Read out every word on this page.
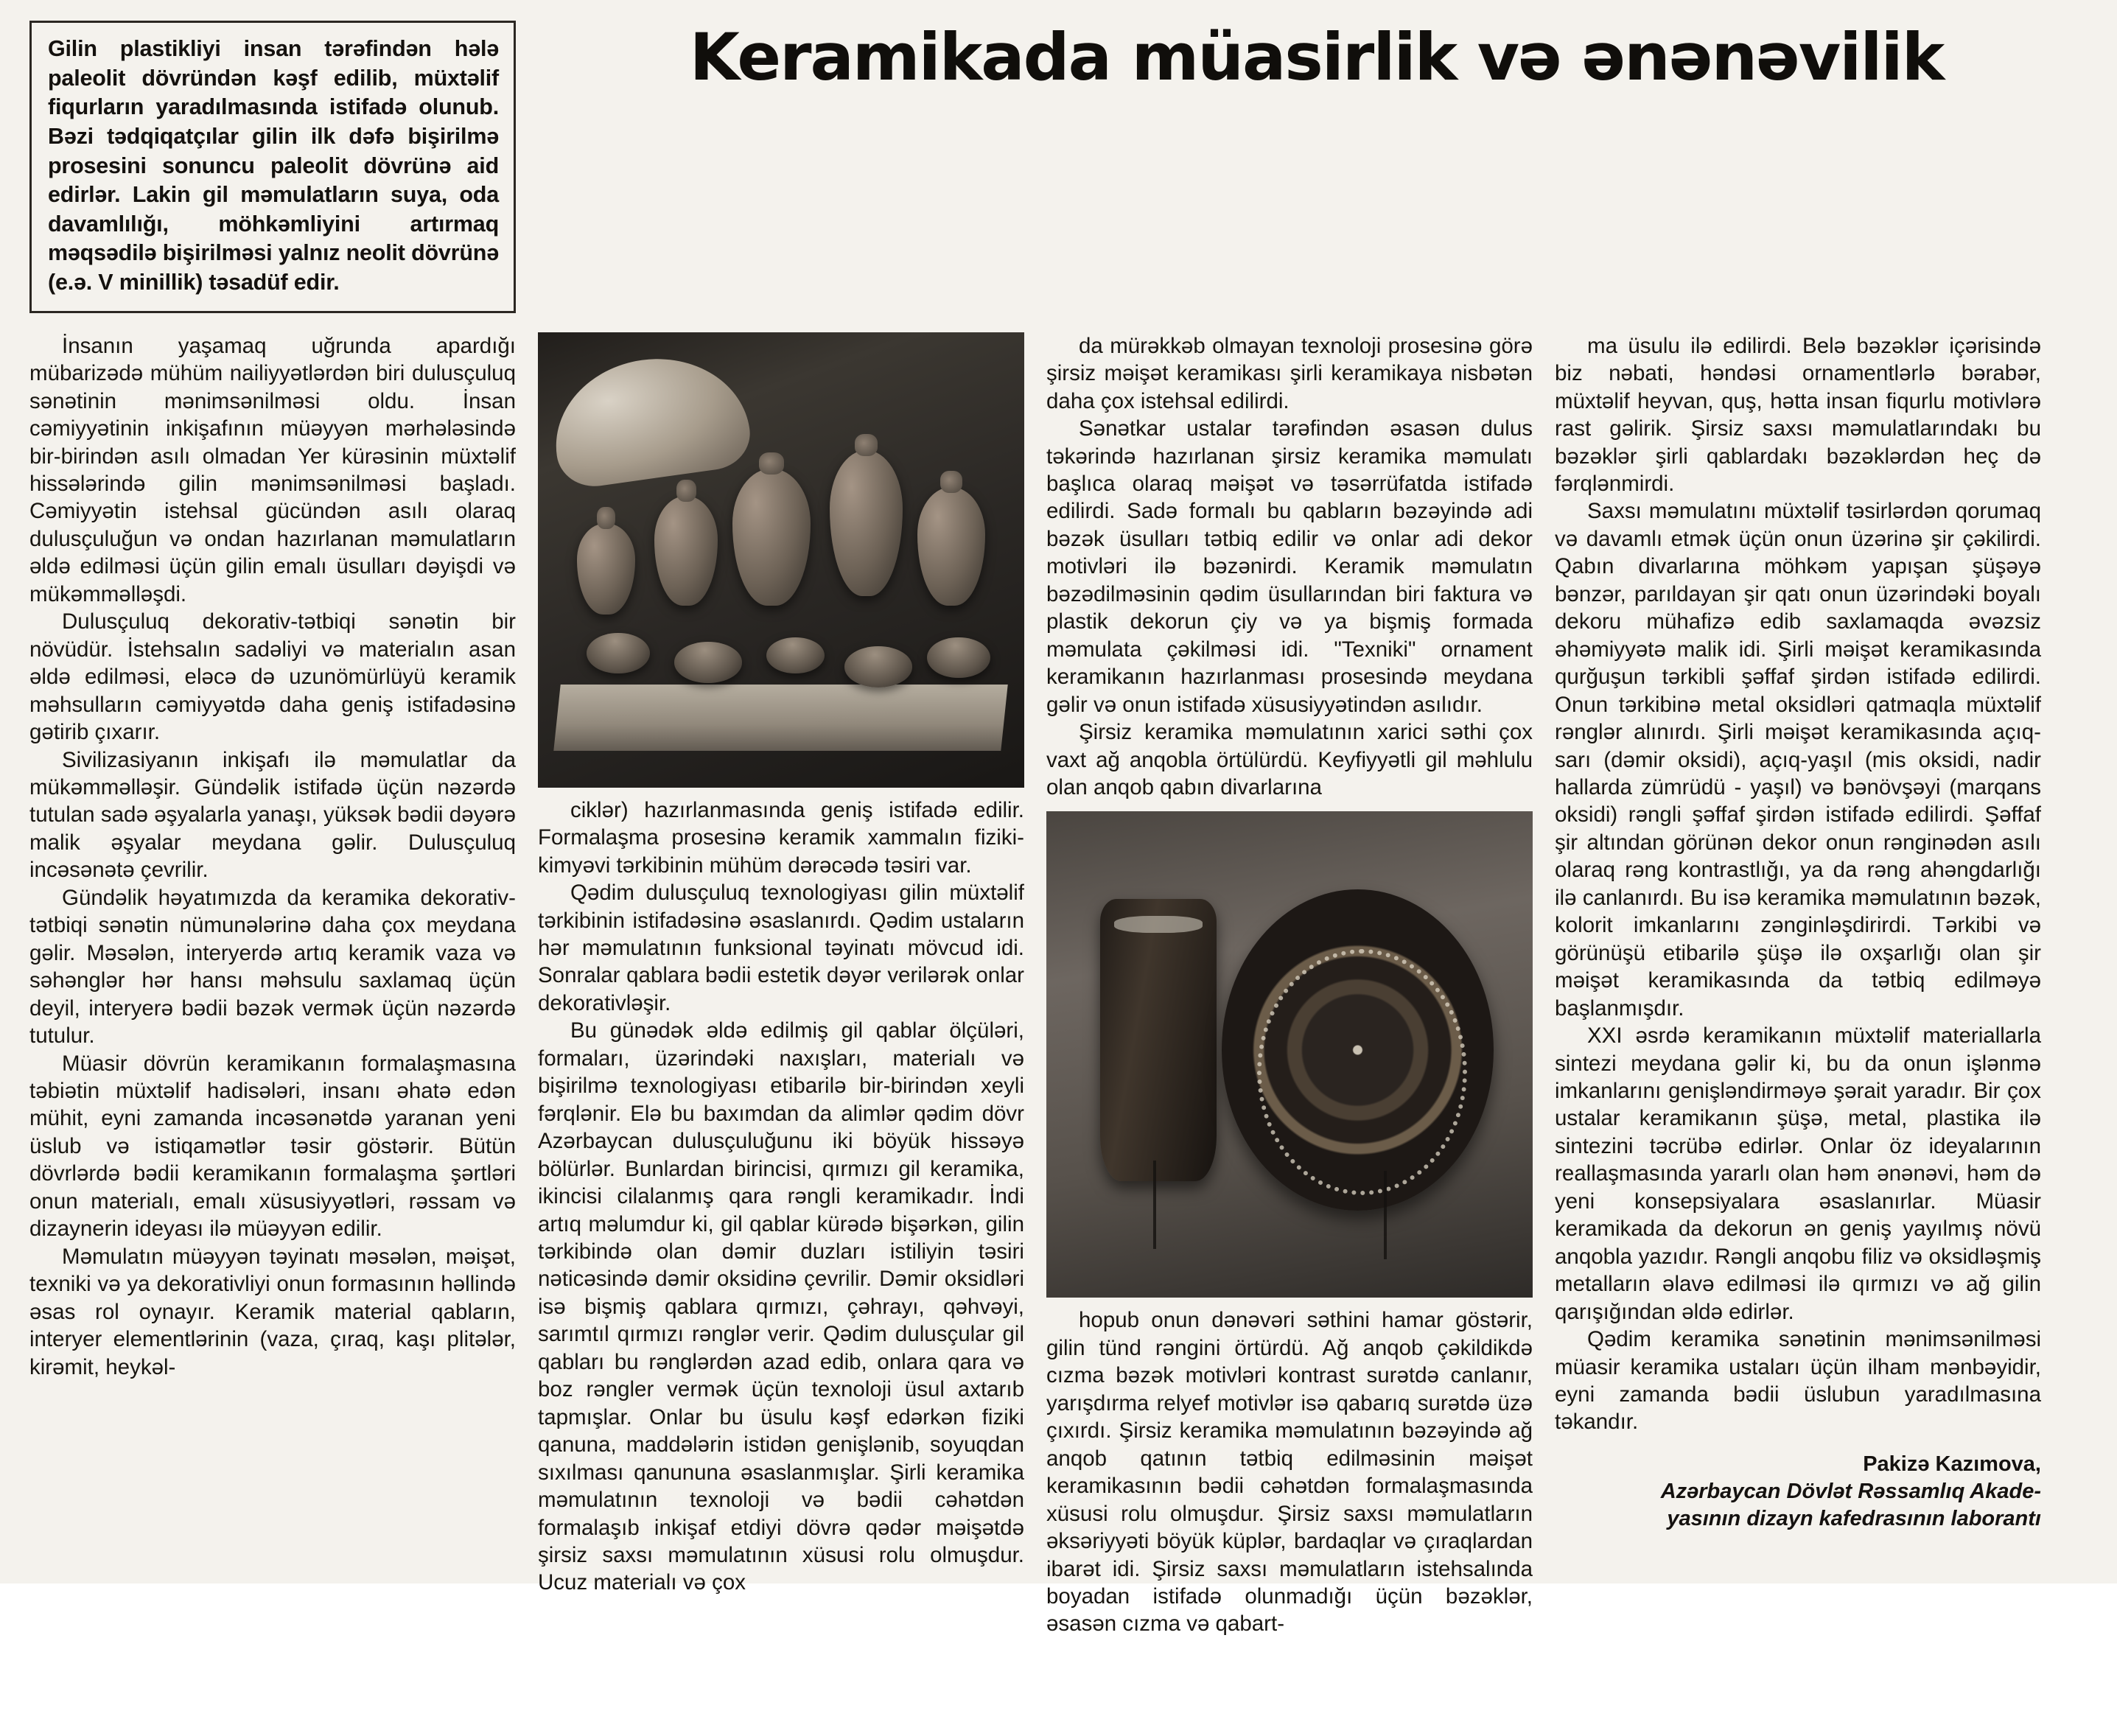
Gilin plastikliyi insan tərəfindən hələ paleolit dövründən kəşf edilib, müxtəlif fiqurların yaradılmasında istifadə olunub. Bəzi tədqiqatçılar gilin ilk dəfə bişirilmə prosesini sonuncu paleolit dövrünə aid edirlər. Lakin gil məmulatların suya, oda davamlılığı, möhkəmliyini artırmaq məqsədilə bişirilməsi yalnız neolit dövrünə (e.ə. V minillik) təsadüf edir.

Keramikada müasirlik və ənənəvilik

İnsanın yaşamaq uğrunda apardığı mübarizədə mühüm nailiyyətlərdən biri dulusçuluq sənətinin mənimsənilməsi oldu. İnsan cəmiyyətinin inkişafının müəyyən mərhələsində bir-birindən asılı olmadan Yer kürəsinin müxtəlif hissələrində gilin mənimsənilməsi başladı. Cəmiyyətin istehsal gücündən asılı olaraq dulusçuluğun və ondan hazırlanan məmulatların əldə edilməsi üçün gilin emalı üsulları dəyişdi və mükəmməlləşdi.

Dulusçuluq dekorativ-tətbiqi sənətin bir növüdür. İstehsalın sadəliyi və materialın asan əldə edilməsi, eləcə də uzunömürlüyü keramik məhsulların cəmiyyətdə daha geniş istifadəsinə gətirib çıxarır.

Sivilizasiyanın inkişafı ilə məmulatlar da mükəmməlləşir. Gündəlik istifadə üçün nəzərdə tutulan sadə əşyalarla yanaşı, yüksək bədii dəyərə malik əşyalar meydana gəlir. Dulusçuluq incəsənətə çevrilir.

Gündəlik həyatımızda da keramika dekorativ-tətbiqi sənətin nümunələrinə daha çox meydana gəlir. Məsələn, interyerdə artıq keramik vaza və səhənglər hər hansı məhsulu saxlamaq üçün deyil, interyerə bədii bəzək vermək üçün nəzərdə tutulur.

Müasir dövrün keramikanın formalaşmasına təbiətin müxtəlif hadisələri, insanı əhatə edən mühit, eyni zamanda incəsənətdə yaranan yeni üslub və istiqamətlər təsir göstərir. Bütün dövrlərdə bədii keramikanın formalaşma şərtləri onun materialı, emalı xüsusiyyətləri, rəssam və dizaynerin ideyası ilə müəyyən edilir.

Məmulatın müəyyən təyinatı məsələn, məişət, texniki və ya dekorativliyi onun formasının həllində əsas rol oynayır. Keramik material qabların, interyer elementlərinin (vaza, çıraq, kaşı plitələr, kirəmit, heykəl-

ciklər) hazırlanmasında geniş istifadə edilir. Formalaşma prosesinə keramik xammalın fiziki-kimyəvi tərkibinin mühüm dərəcədə təsiri var.

Qədim dulusçuluq texnologiyası gilin müxtəlif tərkibinin istifadəsinə əsaslanırdı. Qədim ustaların hər məmulatının funksional təyinatı mövcud idi. Sonralar qablara bədii estetik dəyər verilərək onlar dekorativləşir.

Bu günədək əldə edilmiş gil qablar ölçüləri, formaları, üzərindəki naxışları, materialı və bişirilmə texnologiyası etibarilə bir-birindən xeyli fərqlənir. Elə bu baxımdan da alimlər qədim dövr Azərbaycan dulusçuluğunu iki böyük hissəyə bölürlər. Bunlardan birincisi, qırmızı gil keramika, ikincisi cilalanmış qara rəngli keramikadır. İndi artıq məlumdur ki, gil qablar kürədə bişərkən, gilin tərkibində olan dəmir duzları istiliyin təsiri nəticəsində dəmir oksidinə çevrilir. Dəmir oksidləri isə bişmiş qablara qırmızı, çəhrayı, qəhvəyi, sarımtıl qırmızı rənglər verir. Qədim dulusçular gil qabları bu rənglərdən azad edib, onlara qara və boz rəngler vermək üçün texnoloji üsul axtarıb tapmışlar. Onlar bu üsulu kəşf edərkən fiziki qanuna, maddələrin istidən genişlənib, soyuqdan sıxılması qanununa əsaslanmışlar. Şirli keramika məmulatının texnoloji və bədii cəhətdən formalaşıb inkişaf etdiyi dövrə qədər məişətdə şirsiz saxsı məmulatının xüsusi rolu olmuşdur. Ucuz materialı və çox

da mürəkkəb olmayan texnoloji prosesinə görə şirsiz məişət keramikası şirli keramikaya nisbətən daha çox istehsal edilirdi.

Sənətkar ustalar tərəfindən əsasən dulus təkərində hazırlanan şirsiz keramika məmulatı başlıca olaraq məişət və təsərrüfatda istifadə edilirdi. Sadə formalı bu qabların bəzəyində adi bəzək üsulları tətbiq edilir və onlar adi dekor motivləri ilə bəzənirdi. Keramik məmulatın bəzədilməsinin qədim üsullarından biri faktura və plastik dekorun çiy və ya bişmiş formada məmulata çəkilməsi idi. "Texniki" ornament keramikanın hazırlanması prosesində meydana gəlir və onun istifadə xüsusiyyətindən asılıdır.

Şirsiz keramika məmulatının xarici səthi çox vaxt ağ anqobla örtülürdü. Keyfiyyətli gil məhlulu olan anqob qabın divarlarına

hopub onun dənəvəri səthini hamar göstərir, gilin tünd rəngini örtürdü. Ağ anqob çəkildikdə cızma bəzək motivləri kontrast surətdə canlanır, yarışdırma relyef motivlər isə qabarıq surətdə üzə çıxırdı. Şirsiz keramika məmulatının bəzəyində ağ anqob qatının tətbiq edilməsinin məişət keramikasının bədii cəhətdən formalaşmasında xüsusi rolu olmuşdur. Şirsiz saxsı məmulatların əksəriyyəti böyük küplər, bardaqlar və çıraqlardan ibarət idi. Şirsiz saxsı məmulatların istehsalında boyadan istifadə olunmadığı üçün bəzəklər, əsasən cızma və qabart-

ma üsulu ilə edilirdi. Belə bəzəklər içərisində biz nəbati, həndəsi ornamentlərlə bərabər, müxtəlif heyvan, quş, hətta insan fiqurlu motivlərə rast gəlirik. Şirsiz saxsı məmulatlarındakı bu bəzəklər şirli qablardakı bəzəklərdən heç də fərqlənmirdi.

Saxsı məmulatını müxtəlif təsirlərdən qorumaq və davamlı etmək üçün onun üzərinə şir çəkilirdi. Qabın divarlarına möhkəm yapışan şüşəyə bənzər, parıldayan şir qatı onun üzərindəki boyalı dekoru mühafizə edib saxlamaqda əvəzsiz əhəmiyyətə malik idi. Şirli məişət keramikasında qurğuşun tərkibli şəffaf şirdən istifadə edilirdi. Onun tərkibinə metal oksidləri qatmaqla müxtəlif rənglər alınırdı. Şirli məişət keramikasında açıq-sarı (dəmir oksidi), açıq-yaşıl (mis oksidi, nadir hallarda zümrüdü - yaşıl) və bənövşəyi (marqans oksidi) rəngli şəffaf şirdən istifadə edilirdi. Şəffaf şir altından görünən dekor onun rənginədən asılı olaraq rəng kontrastlığı, ya da rəng ahəngdarlığı ilə canlanırdı. Bu isə keramika məmulatının bəzək, kolorit imkanlarını zənginləşdirirdi. Tərkibi və görünüşü etibarilə şüşə ilə oxşarlığı olan şir məişət keramikasında da tətbiq edilməyə başlanmışdır.

XXI əsrdə keramikanın müxtəlif materiallarla sintezi meydana gəlir ki, bu da onun işlənmə imkanlarını genişləndirməyə şərait yaradır. Bir çox ustalar keramikanın şüşə, metal, plastika ilə sintezini təcrübə edirlər. Onlar öz ideyalarının reallaşmasında yararlı olan həm ənənəvi, həm də yeni konsepsiyalara əsaslanırlar. Müasir keramikada da dekorun ən geniş yayılmış növü anqobla yazıdır. Rəngli anqobu filiz və oksidləşmiş metalların əlavə edilməsi ilə qırmızı və ağ gilin qarışığından əldə edirlər.

Qədim keramika sənətinin mənimsənilməsi müasir keramika ustaları üçün ilham mənbəyidir, eyni zamanda bədii üslubun yaradılmasına təkandır.

Pakizə Kazımova,
Azərbaycan Dövlət Rəssamlıq Akade-
yasının dizayn kafedrasının laborantı
